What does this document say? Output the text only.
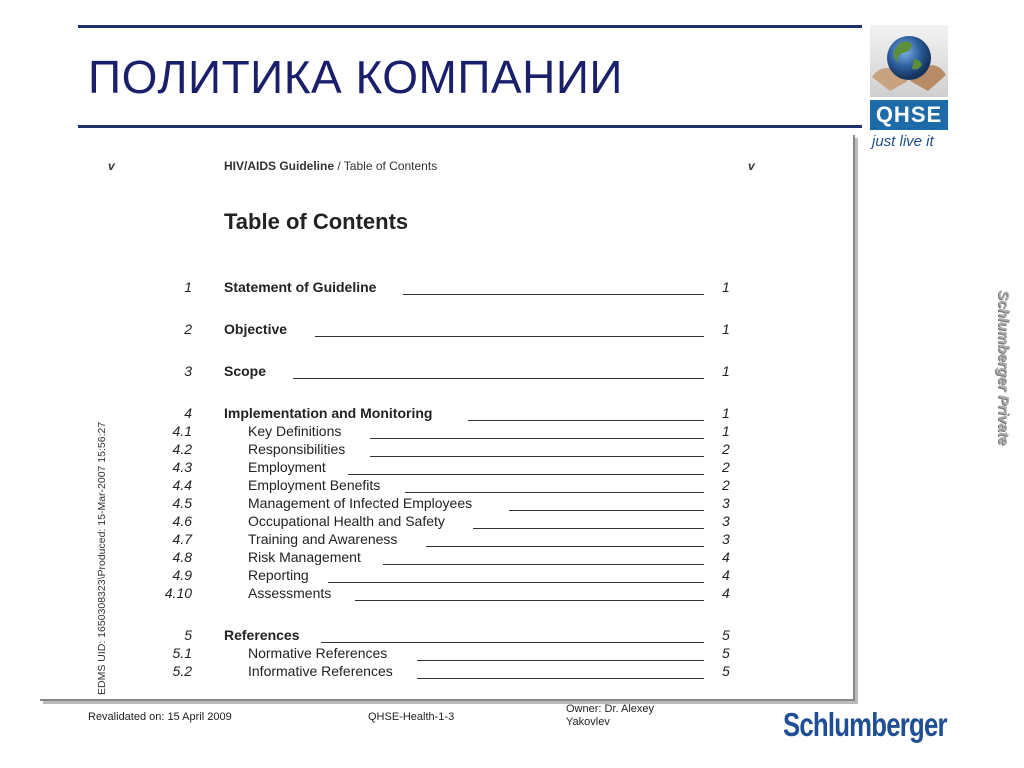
ПОЛИТИКА КОМПАНИИ
QHSE
just live it
v	HIV/AIDS Guideline / Table of Contents	v
Table of Contents
1 Statement of Guideline	1
2 Objective	1
3 Scope	1
4 Implementation and Monitoring	1
4.1	Key Definitions	1
4.2	Responsibilities	2
4.3	Employment	2
4.4	Employment Benefits	2
4.5	Management of Infected Employees	3
4.6	Occupational Health and Safety	3
4.7	Training and Awareness	3
4.8	Risk Management	4
4.9	Reporting	4
4.10	Assessments	4
5 References	5
5.1	Normative References	5
5.2	Informative References	5
EDMS UID: 1650308323\Produced: 15-Mar-2007 15:56:27
Schlumberger Private
Revalidated on: 15 April 2009	QHSE-Health-1-3
Owner: Dr. Alexey Yakovlev	Schlumberger
